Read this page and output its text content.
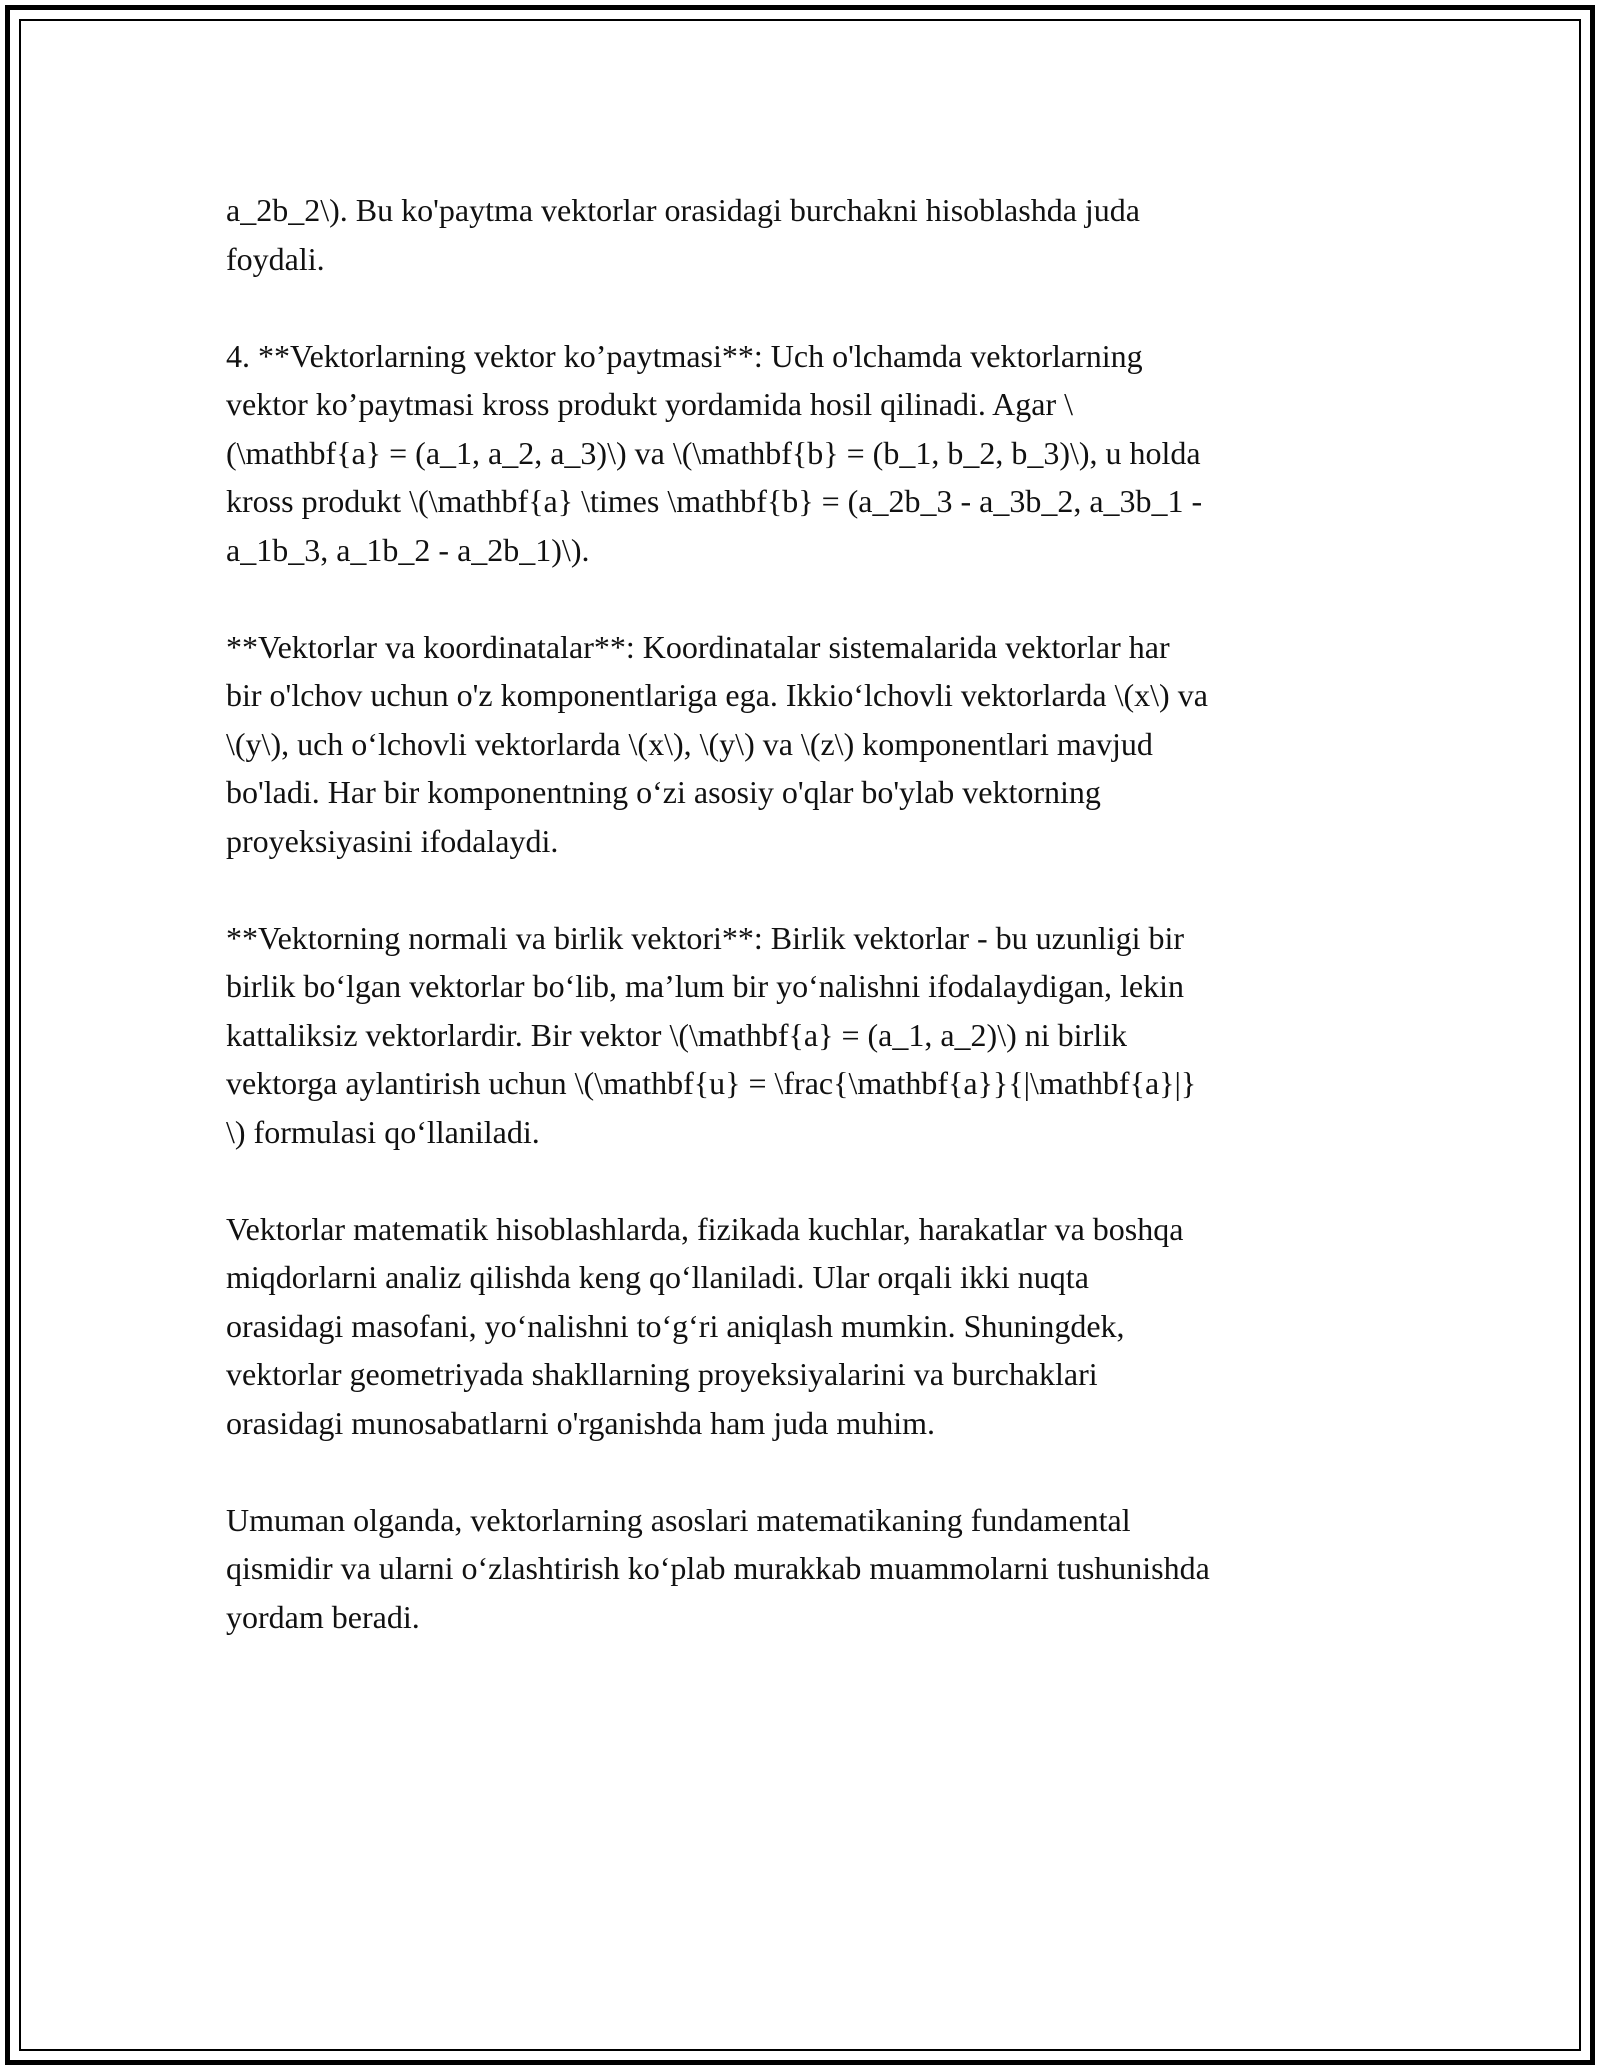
a_2b_2\). Bu ko'paytma vektorlar orasidagi burchakni hisoblashda juda
foydali.

4. **Vektorlarning vektor ko’paytmasi**: Uch o'lchamda vektorlarning
vektor ko’paytmasi kross produkt yordamida hosil qilinadi. Agar \
(\mathbf{a} = (a_1, a_2, a_3)\) va \(\mathbf{b} = (b_1, b_2, b_3)\), u holda
kross produkt \(\mathbf{a} \times \mathbf{b} = (a_2b_3 - a_3b_2, a_3b_1 -
a_1b_3, a_1b_2 - a_2b_1)\).

**Vektorlar va koordinatalar**: Koordinatalar sistemalarida vektorlar har
bir o'lchov uchun o'z komponentlariga ega. Ikkio‘lchovli vektorlarda \(x\) va
\(y\), uch o‘lchovli vektorlarda \(x\), \(y\) va \(z\) komponentlari mavjud
bo'ladi. Har bir komponentning o‘zi asosiy o'qlar bo'ylab vektorning
proyeksiyasini ifodalaydi.

**Vektorning normali va birlik vektori**: Birlik vektorlar - bu uzunligi bir
birlik bo‘lgan vektorlar bo‘lib, ma’lum bir yo‘nalishni ifodalaydigan, lekin
kattaliksiz vektorlardir. Bir vektor \(\mathbf{a} = (a_1, a_2)\) ni birlik
vektorga aylantirish uchun \(\mathbf{u} = \frac{\mathbf{a}}{|\mathbf{a}|}
\) formulasi qo‘llaniladi.

Vektorlar matematik hisoblashlarda, fizikada kuchlar, harakatlar va boshqa
miqdorlarni analiz qilishda keng qo‘llaniladi. Ular orqali ikki nuqta
orasidagi masofani, yo‘nalishni to‘g‘ri aniqlash mumkin. Shuningdek,
vektorlar geometriyada shakllarning proyeksiyalarini va burchaklari
orasidagi munosabatlarni o'rganishda ham juda muhim.

Umuman olganda, vektorlarning asoslari matematikaning fundamental
qismidir va ularni o‘zlashtirish ko‘plab murakkab muammolarni tushunishda
yordam beradi.
